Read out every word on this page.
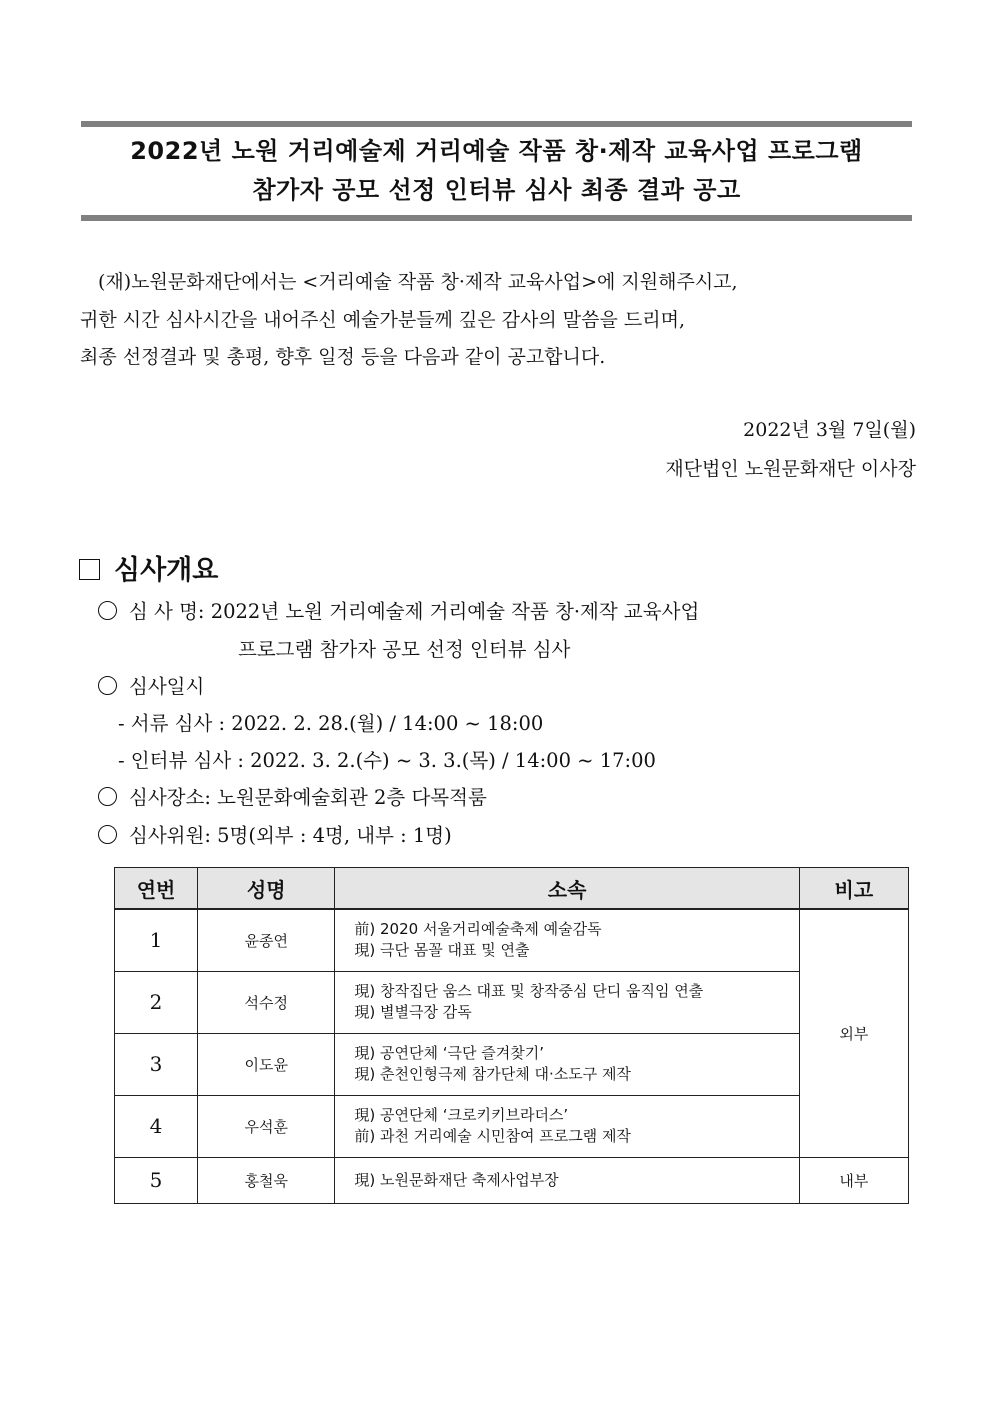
2022년 노원 거리예술제 거리예술 작품 창·제작 교육사업 프로그램
참가자 공모 선정 인터뷰 심사 최종 결과 공고
(재)노원문화재단에서는 <거리예술 작품 창·제작 교육사업>에 지원해주시고,
귀한 시간 심사시간을 내어주신 예술가분들께 깊은 감사의 말씀을 드리며,
최종 선정결과 및 총평, 향후 일정 등을 다음과 같이 공고합니다.
2022년 3월 7일(월)
재단법인 노원문화재단 이사장
심사개요
심 사 명: 2022년 노원 거리예술제 거리예술 작품 창·제작 교육사업
프로그램 참가자 공모 선정 인터뷰 심사
심사일시
- 서류 심사 : 2022. 2. 28.(월) / 14:00 ~ 18:00
- 인터뷰 심사 : 2022. 3. 2.(수) ~ 3. 3.(목) / 14:00 ~ 17:00
심사장소: 노원문화예술회관 2층 다목적룸
심사위원: 5명(외부 : 4명, 내부 : 1명)
연번	성명	소속	비고
1	윤종연	前) 2020 서울거리예술축제 예술감독
現) 극단 몸꼴 대표 및 연출	외부
2	석수정	現) 창작집단 움스 대표 및 창작중심 단디 움직임 연출
現) 별별극장 감독	
3	이도윤	現) 공연단체 ‘극단 즐겨찾기’
現) 춘천인형극제 참가단체 대·소도구 제작	
4	우석훈	現) 공연단체 ‘크로키키브라더스’
前) 과천 거리예술 시민참여 프로그램 제작	
5	홍철욱	現) 노원문화재단 축제사업부장	내부
